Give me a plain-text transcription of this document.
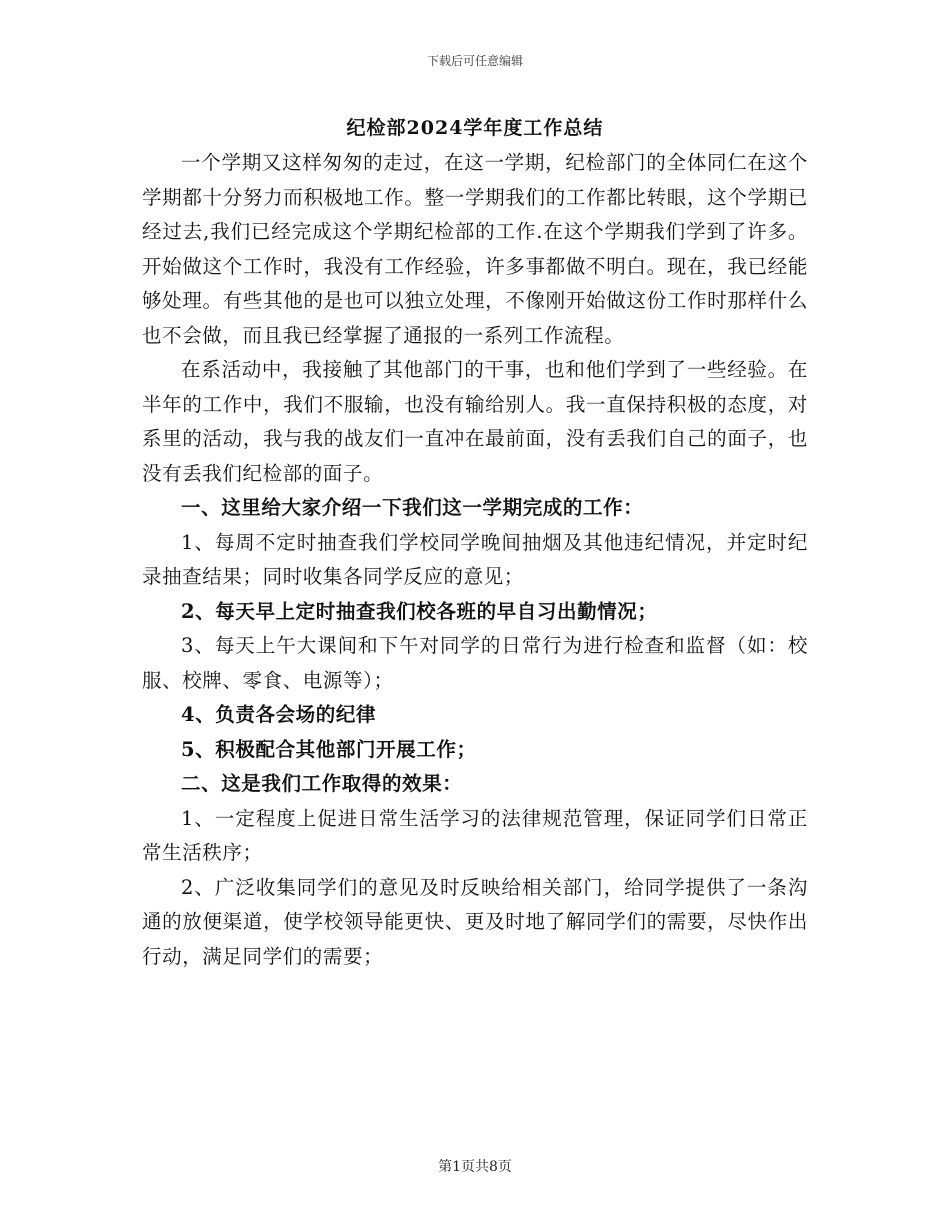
下载后可任意编辑
纪检部2024学年度工作总结

一个学期又这样匆匆的走过，在这一学期，纪检部门的全体同仁在这个学期都十分努力而积极地工作。整一学期我们的工作都比转眼，这个学期已经过去,我们已经完成这个学期纪检部的工作.在这个学期我们学到了许多。开始做这个工作时，我没有工作经验，许多事都做不明白。现在，我已经能够处理。有些其他的是也可以独立处理，不像刚开始做这份工作时那样什么也不会做，而且我已经掌握了通报的一系列工作流程。

在系活动中，我接触了其他部门的干事，也和他们学到了一些经验。在半年的工作中，我们不服输，也没有输给别人。我一直保持积极的态度，对系里的活动，我与我的战友们一直冲在最前面，没有丢我们自己的面子，也没有丢我们纪检部的面子。

一、这里给大家介绍一下我们这一学期完成的工作：

1、每周不定时抽查我们学校同学晚间抽烟及其他违纪情况，并定时纪录抽查结果；同时收集各同学反应的意见；

2、每天早上定时抽查我们校各班的早自习出勤情况；

3、每天上午大课间和下午对同学的日常行为进行检查和监督（如：校服、校牌、零食、电源等）；

4、负责各会场的纪律

5、积极配合其他部门开展工作；

二、这是我们工作取得的效果：

1、一定程度上促进日常生活学习的法律规范管理，保证同学们日常正常生活秩序；

2、广泛收集同学们的意见及时反映给相关部门，给同学提供了一条沟通的放便渠道，使学校领导能更快、更及时地了解同学们的需要，尽快作出行动，满足同学们的需要；

第1页共8页
